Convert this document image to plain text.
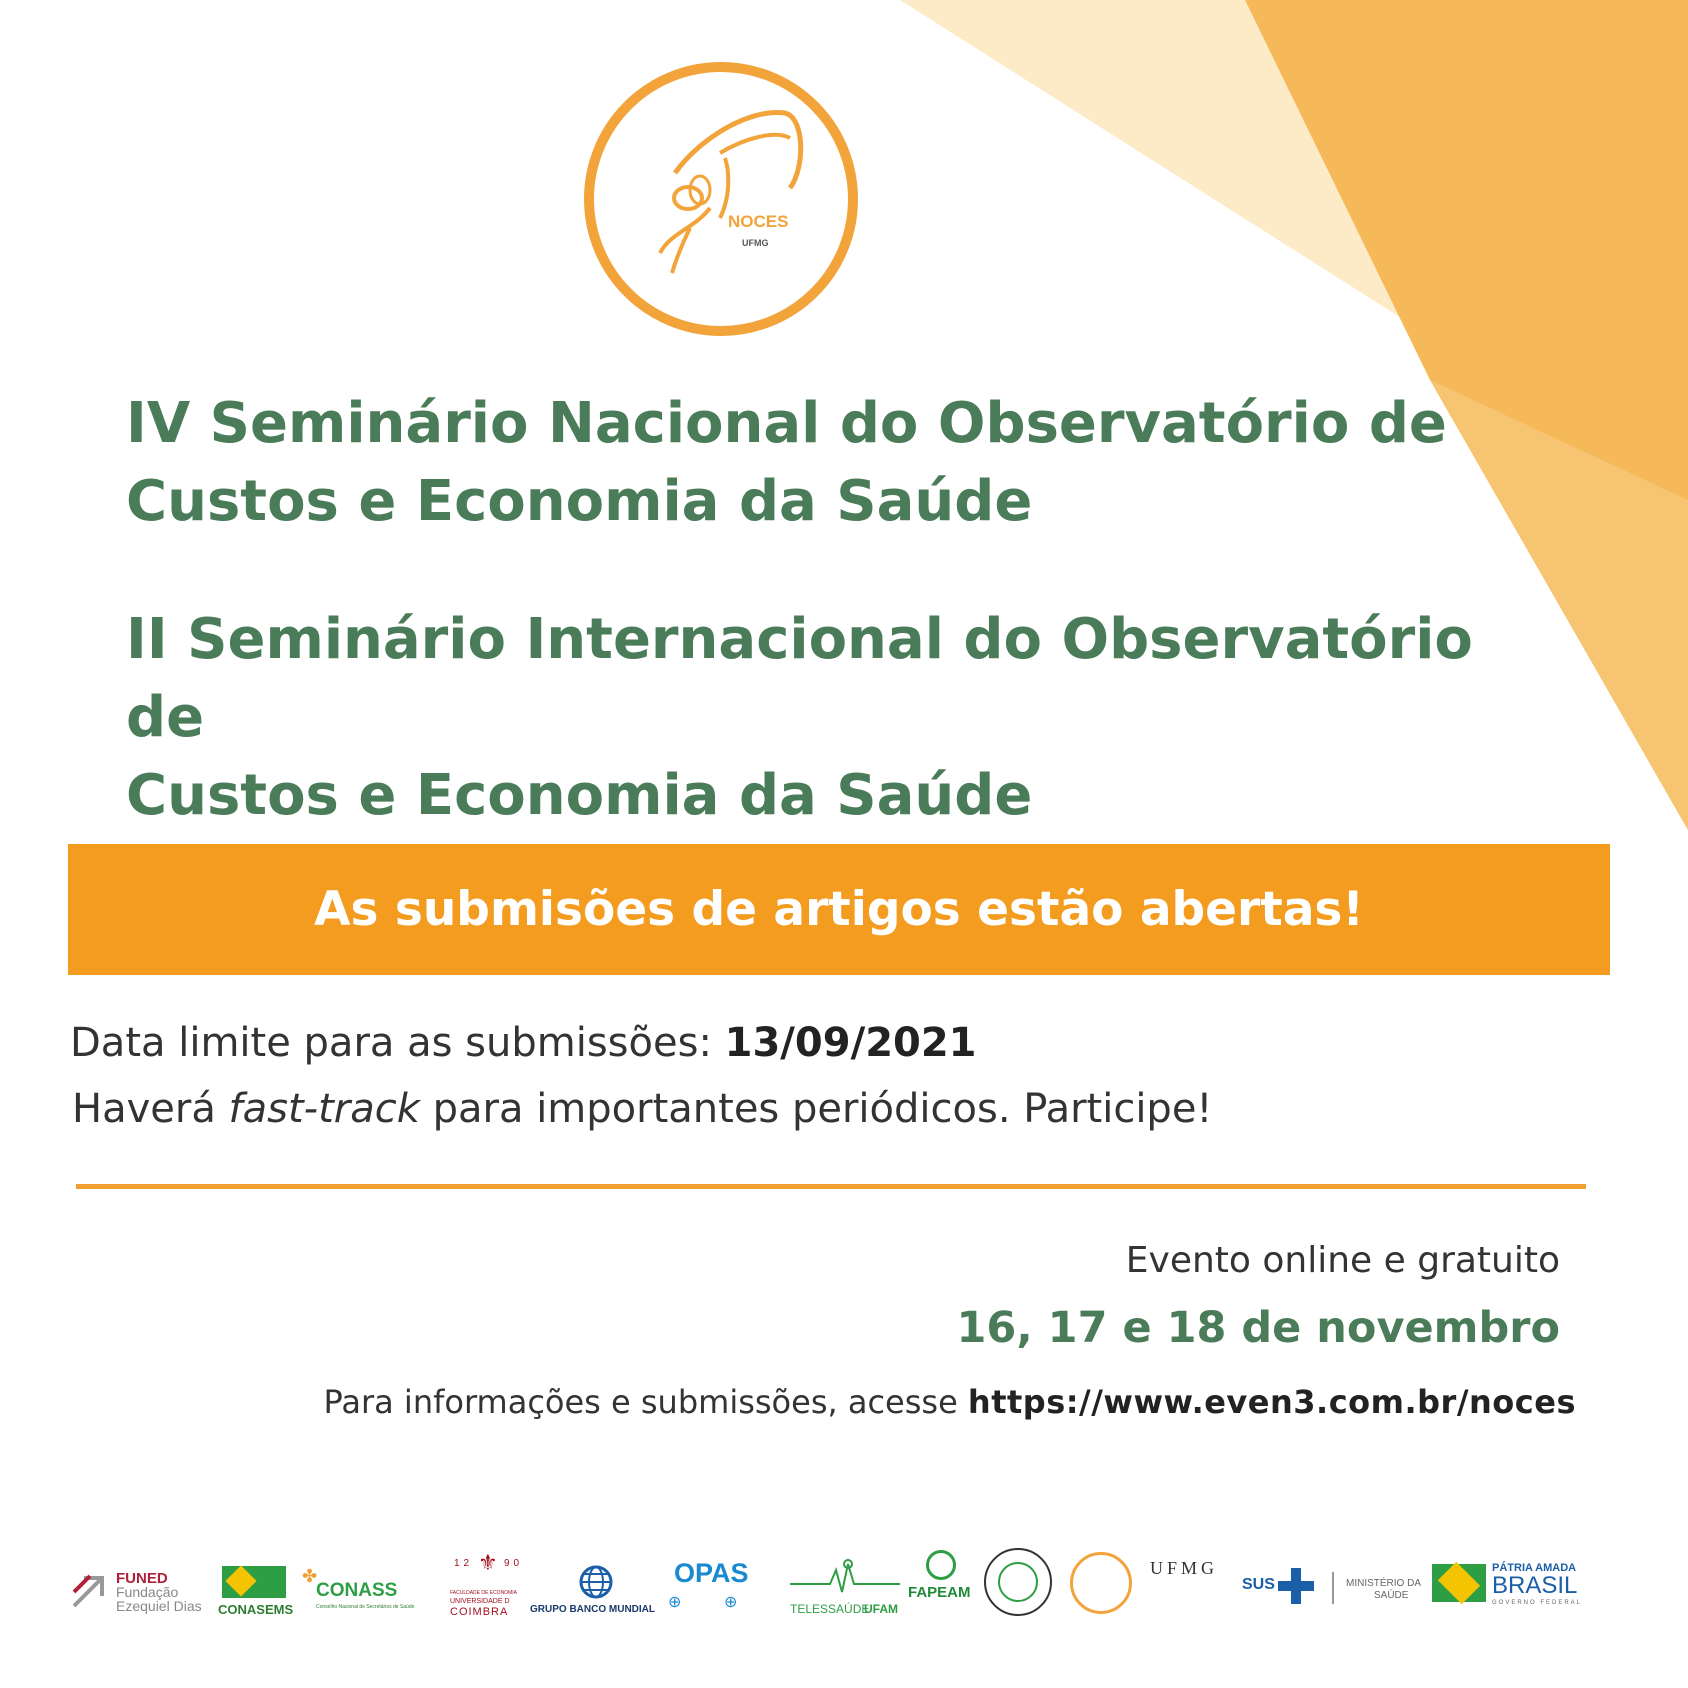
NOCES
UFMG
IV Seminário Nacional do Observatório de
Custos e Economia da Saúde
II Seminário Internacional do Observatório de
Custos e Economia da Saúde
As submisões de artigos estão abertas!
Data limite para as submissões: 13/09/2021
Haverá fast-track para importantes periódicos. Participe!
Evento online e gratuito
16, 17 e 18 de novembro
Para informações e submissões, acesse https://www.even3.com.br/noces
FUNED
Fundação
Ezequiel Dias CONASEMS
✤
CONASS
Conselho Nacional de Secretários de Saúde
12 ⚜ 90
FACULDADE DE ECONOMIA
UNIVERSIDADE D
COIMBRA GRUPO BANCO MUNDIAL
OPAS
⊕	⊕	TELESSAÚDE
UFAM
FAPEAM
UFMG
SUS	MINISTÉRIO DA
SAÚDE
PÁTRIA AMADA
BRASIL
GOVERNO FEDERAL
